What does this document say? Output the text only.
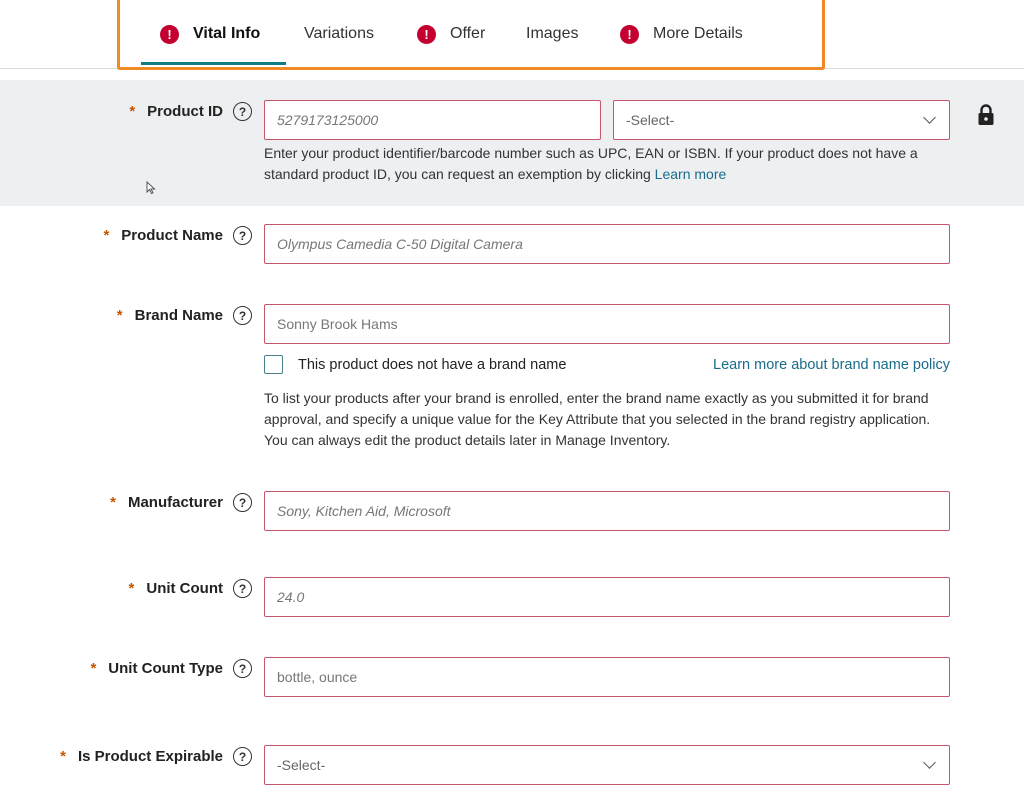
!	Vital Info	Variations	!	Offer	Images	!	More Details
* Product ID	?
5279173125000	-Select-
Enter your product identifier/barcode number such as UPC, EAN or ISBN. If your product does not have a standard product ID, you can request an exemption by clicking Learn more
* Product Name	?
Olympus Camedia C-50 Digital Camera
* Brand Name	?
Sonny Brook Hams
This product does not have a brand name	Learn more about brand name policy
To list your products after your brand is enrolled, enter the brand name exactly as you submitted it for brand approval, and specify a unique value for the Key Attribute that you selected in the brand registry application. You can always edit the product details later in Manage Inventory.
* Manufacturer	?
Sony, Kitchen Aid, Microsoft
* Unit Count	?
24.0
* Unit Count Type	?
bottle, ounce
* Is Product Expirable	?
-Select-
